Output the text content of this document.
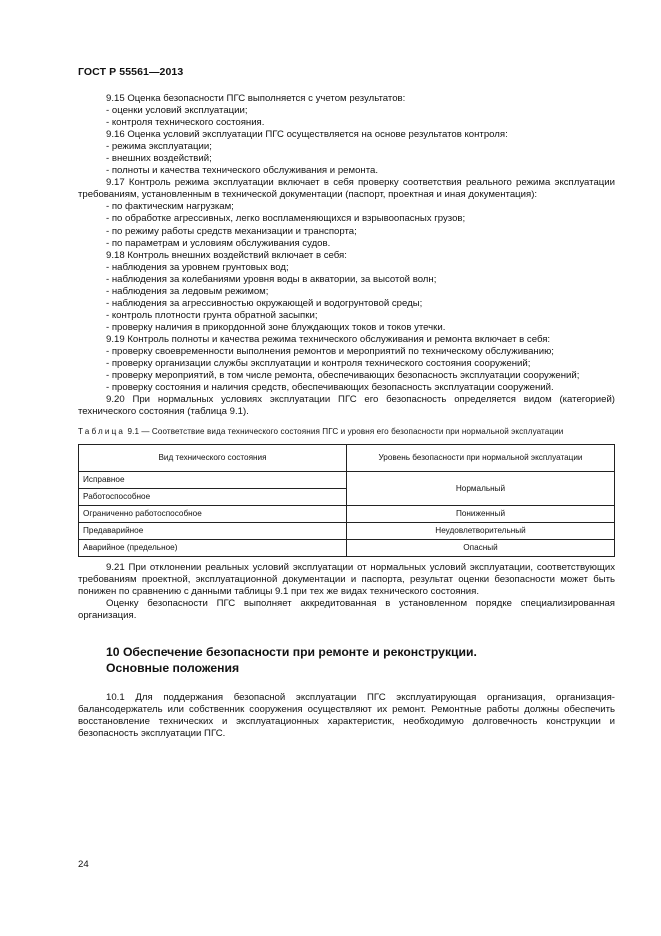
ГОСТ Р 55561—2013

9.15 Оценка безопасности ПГС выполняется с учетом результатов:

- оценки условий эксплуатации;

- контроля технического состояния.

9.16 Оценка условий эксплуатации ПГС осуществляется на основе результатов контроля:

- режима эксплуатации;

- внешних воздействий;

- полноты и качества технического обслуживания и ремонта.

9.17 Контроль режима эксплуатации включает в себя проверку соответствия реального режима эксплуатации требованиям, установленным в технической документации (паспорт, проектная и иная документация):

- по фактическим нагрузкам;

- по обработке агрессивных, легко воспламеняющихся и взрывоопасных грузов;

- по режиму работы средств механизации и транспорта;

- по параметрам и условиям обслуживания судов.

9.18 Контроль внешних воздействий включает в себя:

- наблюдения за уровнем грунтовых вод;

- наблюдения за колебаниями уровня воды в акватории, за высотой волн;

- наблюдения за ледовым режимом;

- наблюдения за агрессивностью окружающей и водогрунтовой среды;

- контроль плотности грунта обратной засыпки;

- проверку наличия в прикордонной зоне блуждающих токов и токов утечки.

9.19 Контроль полноты и качества режима технического обслуживания и ремонта включает в себя:

- проверку своевременности выполнения ремонтов и мероприятий по техническому обслуживанию;

- проверку организации службы эксплуатации и контроля технического состояния сооружений;

- проверку мероприятий, в том числе ремонта, обеспечивающих безопасность эксплуатации сооружений;

- проверку состояния и наличия средств, обеспечивающих безопасность эксплуатации сооружений.

9.20 При нормальных условиях эксплуатации ПГС его безопасность определяется видом (категорией) технического состояния (таблица 9.1).

Таблица 9.1 — Соответствие вида технического состояния ПГС и уровня его безопасности при нормальной эксплуатации
Вид технического состояния	Уровень безопасности при нормальной эксплуатации
Исправное	Нормальный
Работоспособное	
Ограниченно работоспособное	Пониженный
Предаварийное	Неудовлетворительный
Аварийное (предельное)	Опасный

9.21 При отклонении реальных условий эксплуатации от нормальных условий эксплуатации, соответствующих требованиям проектной, эксплуатационной документации и паспорта, результат оценки безопасности может быть понижен по сравнению с данными таблицы 9.1 при тех же видах технического состояния.

Оценку безопасности ПГС выполняет аккредитованная в установленном порядке специализированная организация.

10 Обеспечение безопасности при ремонте и реконструкции.
Основные положения

10.1 Для поддержания безопасной эксплуатации ПГС эксплуатирующая организация, организация-балансодержатель или собственник сооружения осуществляют их ремонт. Ремонтные работы должны обеспечить восстановление технических и эксплуатационных характеристик, необходимую долговечность конструкции и безопасность эксплуатации ПГС.

24
